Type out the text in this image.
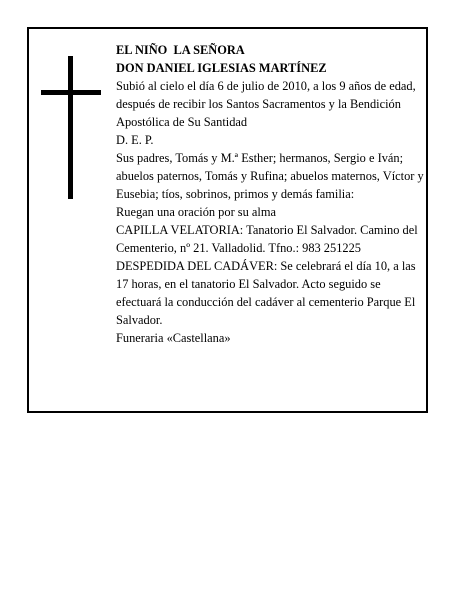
EL NIÑO  LA SEÑORA
DON DANIEL IGLESIAS MARTÍNEZ
Subió al cielo el día 6 de julio de 2010, a los 9 años de edad, después de recibir los Santos Sacramentos y la Bendición Apostólica de Su Santidad
D. E. P.
Sus padres, Tomás y M.ª Esther; hermanos, Sergio e Iván; abuelos paternos, Tomás y Rufina; abuelos maternos, Víctor y Eusebia; tíos, sobrinos, primos y demás familia:
Ruegan una oración por su alma
CAPILLA VELATORIA: Tanatorio El Salvador. Camino del Cementerio, nº 21. Valladolid. Tfno.: 983 251225
DESPEDIDA DEL CADÁVER: Se celebrará el día 10, a las 17 horas, en el tanatorio El Salvador. Acto seguido se efectuará la conducción del cadáver al cementerio Parque El Salvador.
Funeraria «Castellana»
